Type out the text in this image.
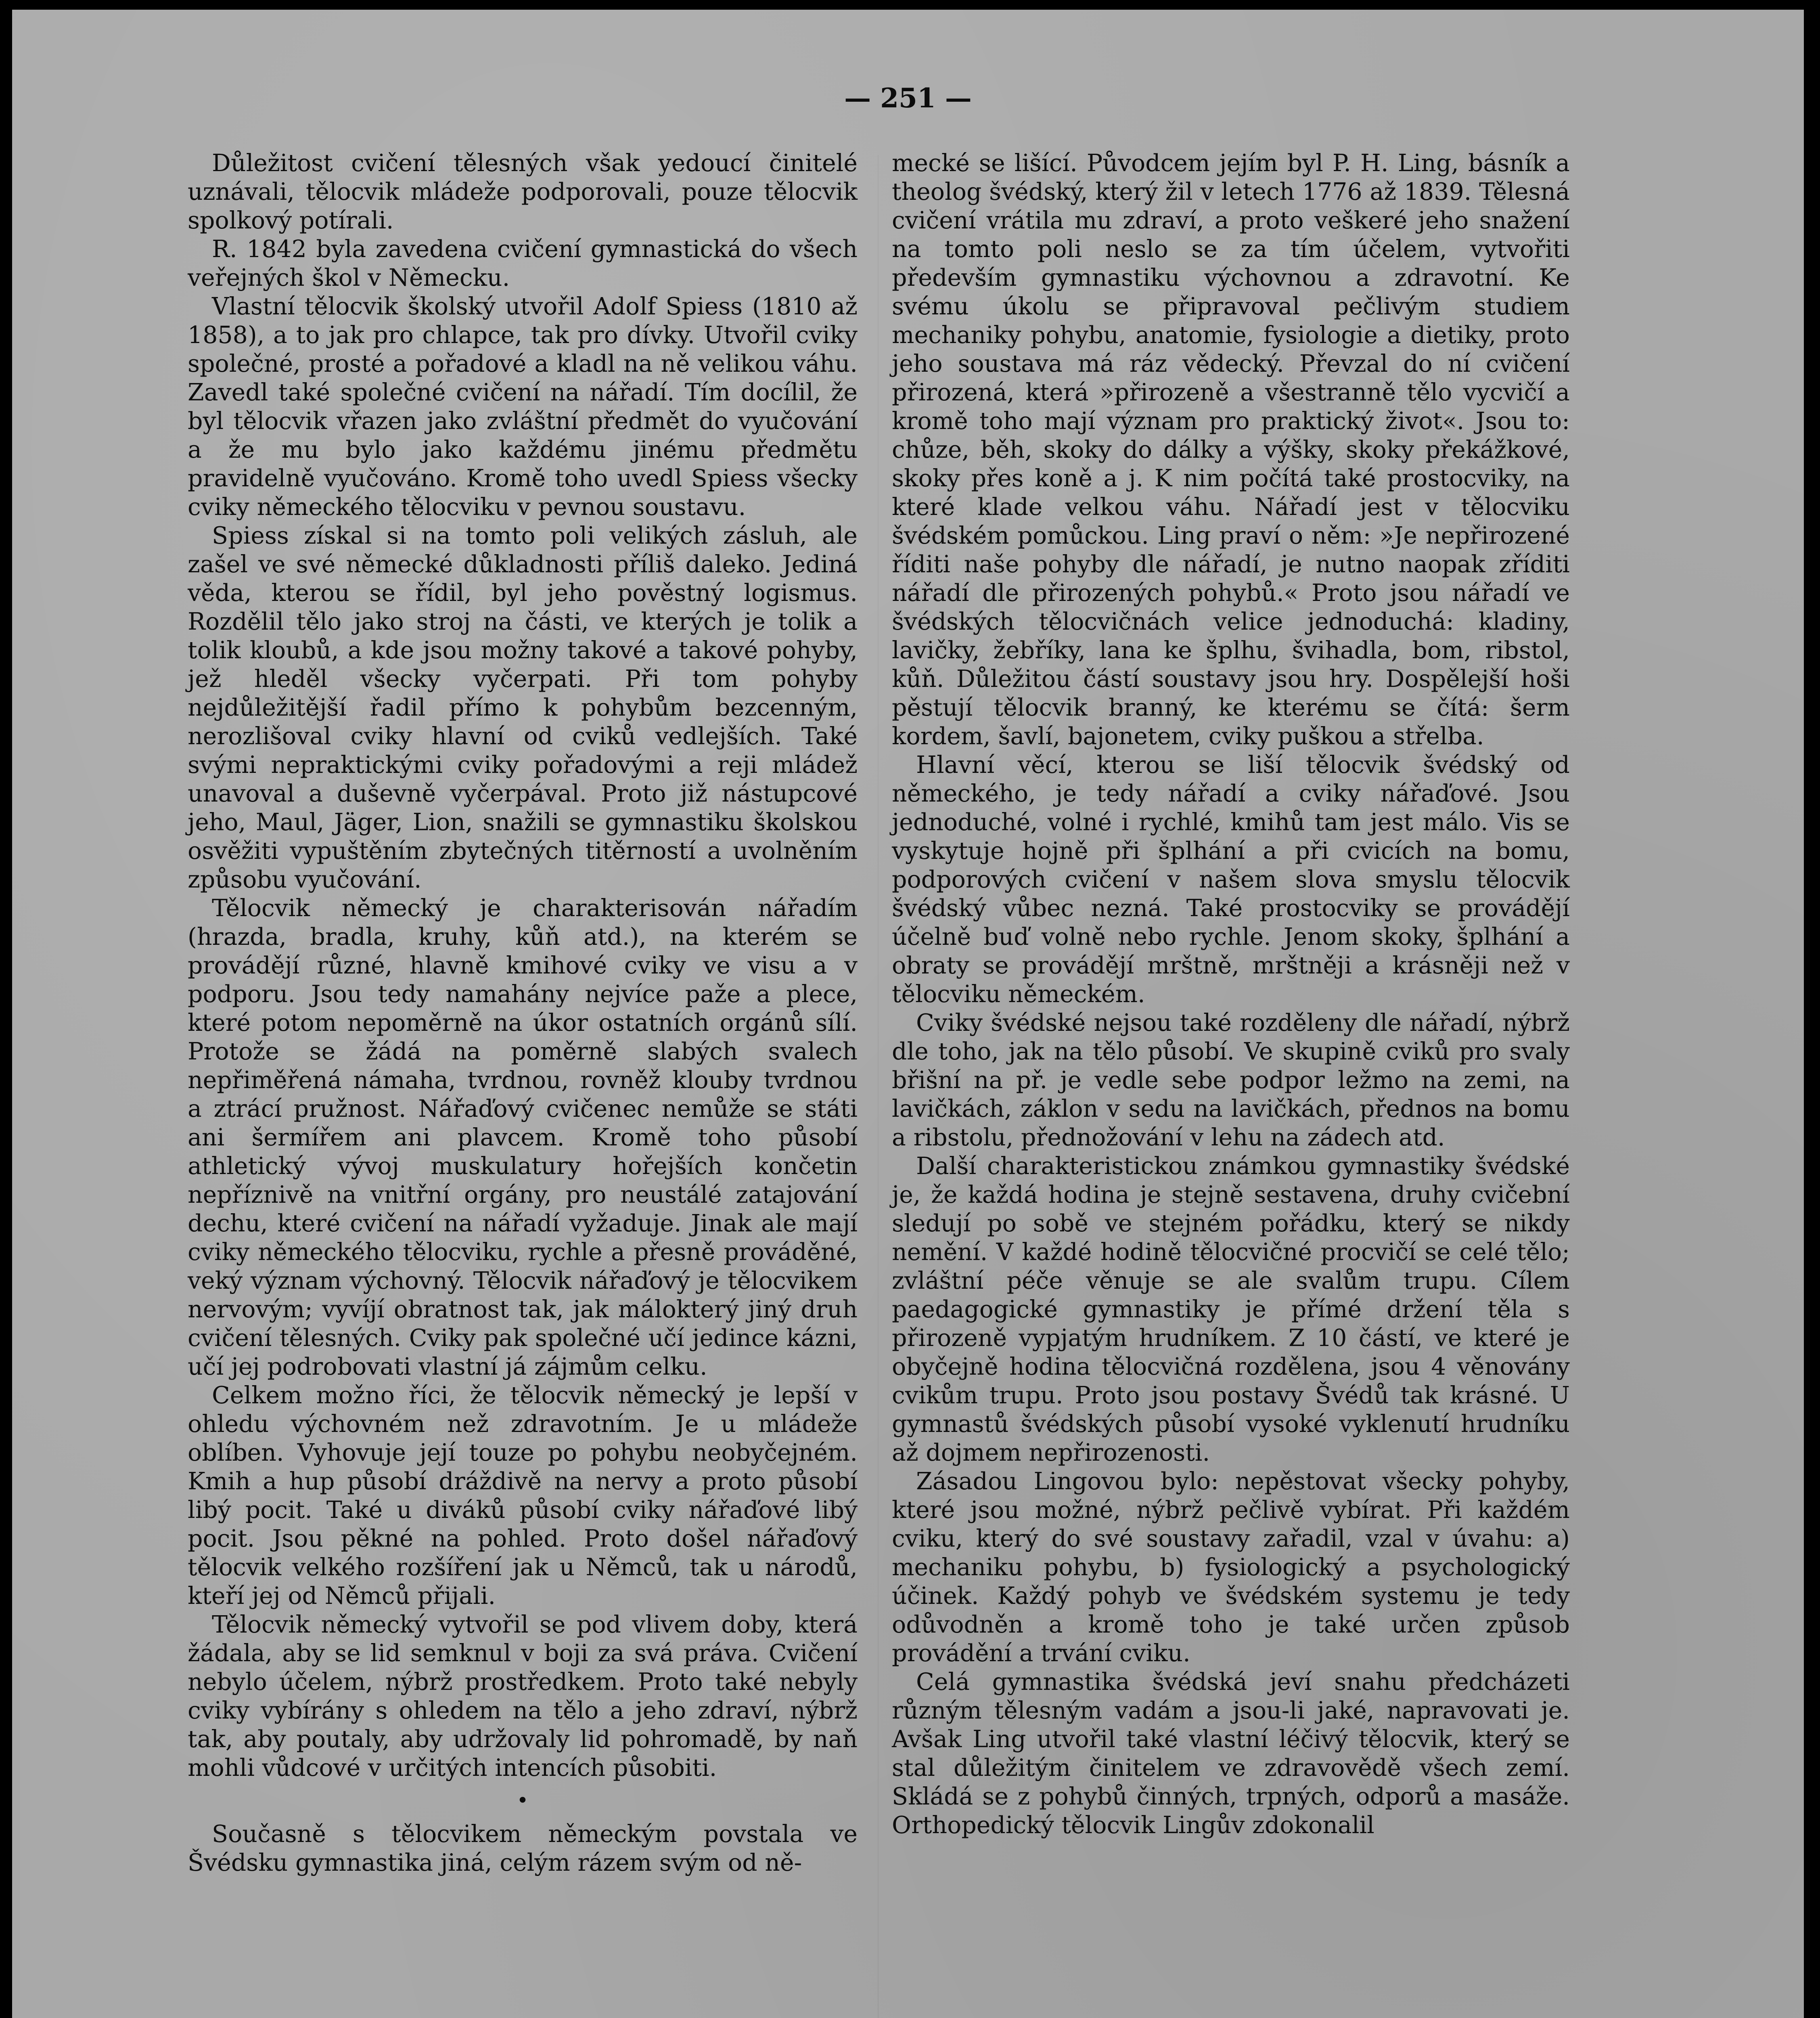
— 251 —

Důležitost cvičení tělesných však yedoucí činitelé uznávali, tělocvik mládeže podporovali, pouze tělocvik spolkový potírali.

R. 1842 byla zavedena cvičení gymnastická do všech veřejných škol v Německu.

Vlastní tělocvik školský utvořil Adolf Spiess (1810 až 1858), a to jak pro chlapce, tak pro dívky. Utvořil cviky společné, prosté a pořadové a kladl na ně velikou váhu. Zavedl také společné cvičení na nářadí. Tím docílil, že byl tělocvik vřazen jako zvláštní předmět do vyučování a že mu bylo jako každému jinému předmětu pravidelně vyučováno. Kromě toho uvedl Spiess všecky cviky německého tělocviku v pevnou soustavu.

Spiess získal si na tomto poli velikých zásluh, ale zašel ve své německé důkladnosti příliš daleko. Jediná věda, kterou se řídil, byl jeho pověstný logismus. Rozdělil tělo jako stroj na části, ve kterých je tolik a tolik kloubů, a kde jsou možny takové a takové pohyby, jež hleděl všecky vyčerpati. Při tom pohyby nejdůležitější řadil přímo k pohybům bezcenným, nerozlišoval cviky hlavní od cviků vedlejších. Také svými nepraktickými cviky pořadovými a reji mládež unavoval a duševně vyčerpával. Proto již nástupcové jeho, Maul, Jäger, Lion, snažili se gymnastiku školskou osvěžiti vypuštěním zbytečných titěrností a uvolněním způsobu vyučování.

Tělocvik německý je charakterisován nářadím (hrazda, bradla, kruhy, kůň atd.), na kterém se provádějí různé, hlavně kmihové cviky ve visu a v podporu. Jsou tedy namahány nejvíce paže a plece, které potom nepoměrně na úkor ostatních orgánů sílí. Protože se žádá na poměrně slabých svalech nepřiměřená námaha, tvrdnou, rovněž klouby tvrdnou a ztrácí pružnost. Nářaďový cvičenec nemůže se státi ani šermířem ani plavcem. Kromě toho působí athletický vývoj muskulatury hořejších končetin nepříznivě na vnitřní orgány, pro neustálé zatajování dechu, které cvičení na nářadí vyžaduje. Jinak ale mají cviky německého tělocviku, rychle a přesně prováděné, veký význam výchovný. Tělocvik nářaďový je tělocvikem nervovým; vyvíjí obratnost tak, jak málokterý jiný druh cvičení tělesných. Cviky pak společné učí jedince kázni, učí jej podrobovati vlastní já zájmům celku.

Celkem možno říci, že tělocvik německý je lepší v ohledu výchovném než zdravotním. Je u mládeže oblíben. Vyhovuje její touze po pohybu neobyčejném. Kmih a hup působí dráždivě na nervy a proto působí libý pocit. Také u diváků působí cviky nářaďové libý pocit. Jsou pěkné na pohled. Proto došel nářaďový tělocvik velkého rozšíření jak u Němců, tak u národů, kteří jej od Němců přijali.

Tělocvik německý vytvořil se pod vlivem doby, která žádala, aby se lid semknul v boji za svá práva. Cvičení nebylo účelem, nýbrž prostředkem. Proto také nebyly cviky vybírány s ohledem na tělo a jeho zdraví, nýbrž tak, aby poutaly, aby udržovaly lid pohromadě, by naň mohli vůdcové v určitých intencích působiti.

•

Současně s tělocvikem německým povstala ve Švédsku gymnastika jiná, celým rázem svým od ně-

mecké se lišící. Původcem jejím byl P. H. Ling, básník a theolog švédský, který žil v letech 1776 až 1839. Tělesná cvičení vrátila mu zdraví, a proto veškeré jeho snažení na tomto poli neslo se za tím účelem, vytvořiti především gymnastiku výchovnou a zdravotní. Ke svému úkolu se připravoval pečlivým studiem mechaniky pohybu, anatomie, fysiologie a dietiky, proto jeho soustava má ráz vědecký. Převzal do ní cvičení přirozená, která »přirozeně a všestranně tělo vycvičí a kromě toho mají význam pro praktický život«. Jsou to: chůze, běh, skoky do dálky a výšky, skoky překážkové, skoky přes koně a j. K nim počítá také prostocviky, na které klade velkou váhu. Nářadí jest v tělocviku švédském pomůckou. Ling praví o něm: »Je nepřirozené říditi naše pohyby dle nářadí, je nutno naopak zříditi nářadí dle přirozených pohybů.« Proto jsou nářadí ve švédských tělocvičnách velice jednoduchá: kladiny, lavičky, žebříky, lana ke šplhu, švihadla, bom, ribstol, kůň. Důležitou částí soustavy jsou hry. Dospělejší hoši pěstují tělocvik branný, ke kterému se čítá: šerm kordem, šavlí, bajonetem, cviky puškou a střelba.

Hlavní věcí, kterou se liší tělocvik švédský od německého, je tedy nářadí a cviky nářaďové. Jsou jednoduché, volné i rychlé, kmihů tam jest málo. Vis se vyskytuje hojně při šplhání a při cvicích na bomu, podporových cvičení v našem slova smyslu tělocvik švédský vůbec nezná. Také prostocviky se provádějí účelně buď volně nebo rychle. Jenom skoky, šplhání a obraty se provádějí mrštně, mrštněji a krásněji než v tělocviku německém.

Cviky švédské nejsou také rozděleny dle nářadí, nýbrž dle toho, jak na tělo působí. Ve skupině cviků pro svaly břišní na př. je vedle sebe podpor ležmo na zemi, na lavičkách, záklon v sedu na lavičkách, přednos na bomu a ribstolu, přednožování v lehu na zádech atd.

Další charakteristickou známkou gymnastiky švédské je, že každá hodina je stejně sestavena, druhy cvičební sledují po sobě ve stejném pořádku, který se nikdy nemění. V každé hodině tělocvičné procvičí se celé tělo; zvláštní péče věnuje se ale svalům trupu. Cílem paedagogické gymnastiky je přímé držení těla s přirozeně vypjatým hrudníkem. Z 10 částí, ve které je obyčejně hodina tělocvičná rozdělena, jsou 4 věnovány cvikům trupu. Proto jsou postavy Švédů tak krásné. U gymnastů švédských působí vysoké vyklenutí hrudníku až dojmem nepřirozenosti.

Zásadou Lingovou bylo: nepěstovat všecky pohyby, které jsou možné, nýbrž pečlivě vybírat. Při každém cviku, který do své soustavy zařadil, vzal v úvahu: a) mechaniku pohybu, b) fysiologický a psychologický účinek. Každý pohyb ve švédském systemu je tedy odůvodněn a kromě toho je také určen způsob provádění a trvání cviku.

Celá gymnastika švédská jeví snahu předcházeti různým tělesným vadám a jsou-li jaké, napravovati je. Avšak Ling utvořil také vlastní léčivý tělocvik, který se stal důležitým činitelem ve zdravovědě všech zemí. Skládá se z pohybů činných, trpných, odporů a masáže. Orthopedický tělocvik Lingův zdokonalil
